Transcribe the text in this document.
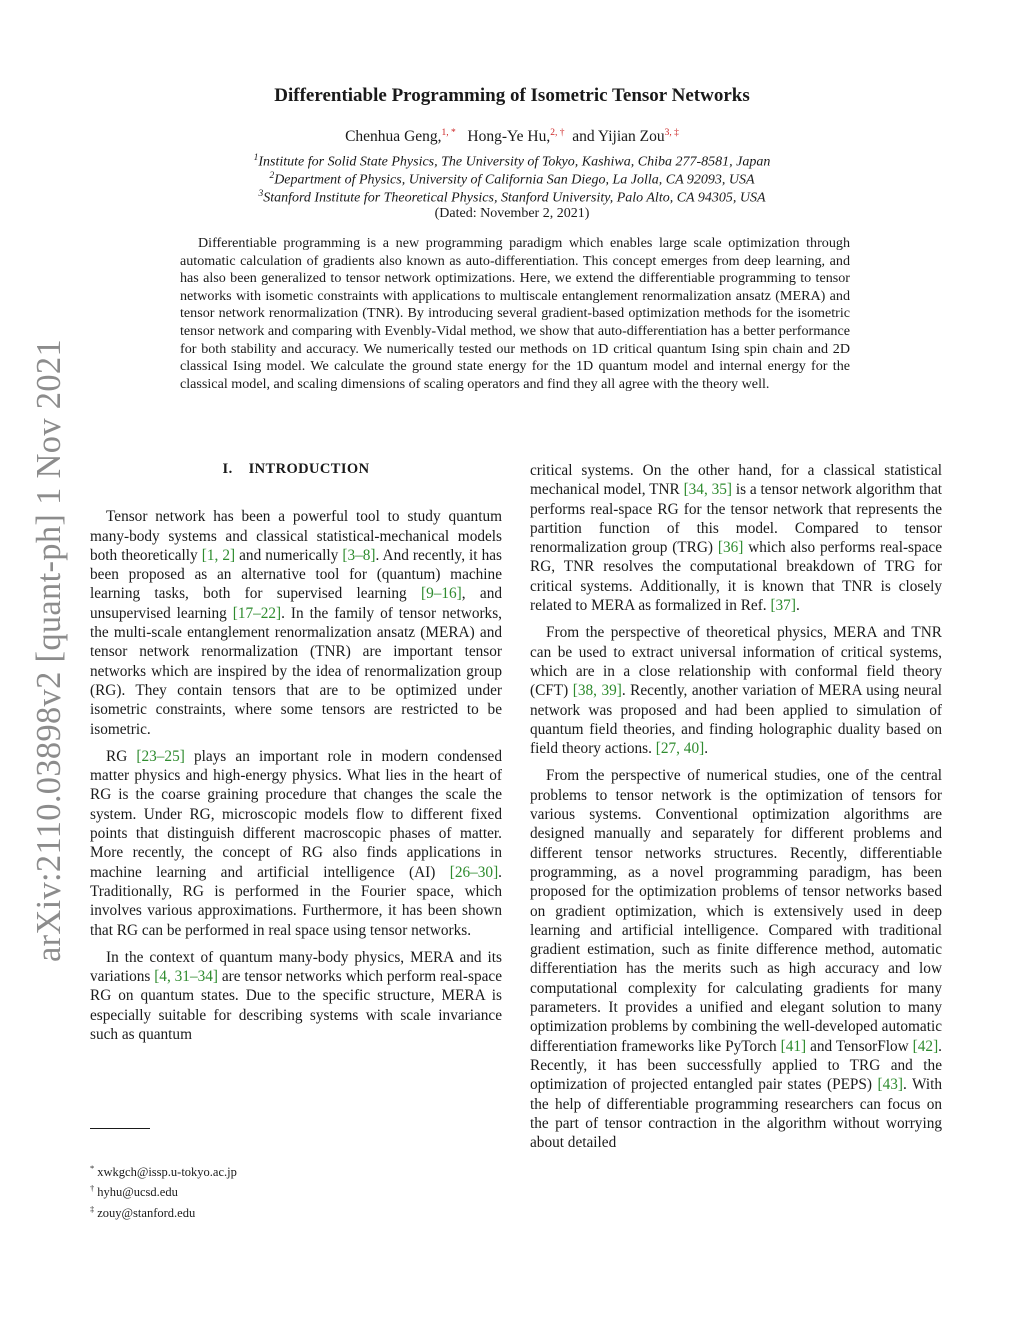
arXiv:2110.03898v2 [quant-ph] 1 Nov 2021
Differentiable Programming of Isometric Tensor Networks
Chenhua Geng,$^{1, *}$ Hong-Ye Hu,$^{2, \dagger}$ and Yijian Zou$^{3, \ddagger}$
$^1$Institute for Solid State Physics, The University of Tokyo, Kashiwa, Chiba 277-8581, Japan
$^2$Department of Physics, University of California San Diego, La Jolla, CA 92093, USA
$^3$Stanford Institute for Theoretical Physics, Stanford University, Palo Alto, CA 94305, USA
(Dated: November 2, 2021)
Differentiable programming is a new programming paradigm which enables large scale optimization through automatic calculation of gradients also known as auto-differentiation. This concept emerges from deep learning, and has also been generalized to tensor network optimizations. Here, we extend the differentiable programming to tensor networks with isometic constraints with applications to multiscale entanglement renormalization ansatz (MERA) and tensor network renormalization (TNR). By introducing several gradient-based optimization methods for the isometric tensor network and comparing with Evenbly-Vidal method, we show that auto-differentiation has a better performance for both stability and accuracy. We numerically tested our methods on 1D critical quantum Ising spin chain and 2D classical Ising model. We calculate the ground state energy for the 1D quantum model and internal energy for the classical model, and scaling dimensions of scaling operators and find they all agree with the theory well.
I. INTRODUCTION

Tensor network has been a powerful tool to study quantum many-body systems and classical statistical-mechanical models both theoretically [1, 2] and numerically [3–8]. And recently, it has been proposed as an alternative tool for (quantum) machine learning tasks, both for supervised learning [9–16], and unsupervised learning [17–22]. In the family of tensor networks, the multi-scale entanglement renormalization ansatz (MERA) and tensor network renormalization (TNR) are important tensor networks which are inspired by the idea of renormalization group (RG). They contain tensors that are to be optimized under isometric constraints, where some tensors are restricted to be isometric.

RG [23–25] plays an important role in modern condensed matter physics and high-energy physics. What lies in the heart of RG is the coarse graining procedure that changes the scale the system. Under RG, microscopic models flow to different fixed points that distinguish different macroscopic phases of matter. More recently, the concept of RG also finds applications in machine learning and artificial intelligence (AI) [26–30]. Traditionally, RG is performed in the Fourier space, which involves various approximations. Furthermore, it has been shown that RG can be performed in real space using tensor networks.

In the context of quantum many-body physics, MERA and its variations [4, 31–34] are tensor networks which perform real-space RG on quantum states. Due to the specific structure, MERA is especially suitable for describing systems with scale invariance such as quantum

critical systems. On the other hand, for a classical statistical mechanical model, TNR [34, 35] is a tensor network algorithm that performs real-space RG for the tensor network that represents the partition function of this model. Compared to tensor renormalization group (TRG) [36] which also performs real-space RG, TNR resolves the computational breakdown of TRG for critical systems. Additionally, it is known that TNR is closely related to MERA as formalized in Ref. [37].

From the perspective of theoretical physics, MERA and TNR can be used to extract universal information of critical systems, which are in a close relationship with conformal field theory (CFT) [38, 39]. Recently, another variation of MERA using neural network was proposed and had been applied to simulation of quantum field theories, and finding holographic duality based on field theory actions. [27, 40].

From the perspective of numerical studies, one of the central problems to tensor network is the optimization of tensors for various systems. Conventional optimization algorithms are designed manually and separately for different problems and different tensor networks structures. Recently, differentiable programming, as a novel programming paradigm, has been proposed for the optimization problems of tensor networks based on gradient optimization, which is extensively used in deep learning and artificial intelligence. Compared with traditional gradient estimation, such as finite difference method, automatic differentiation has the merits such as high accuracy and low computational complexity for calculating gradients for many parameters. It provides a unified and elegant solution to many optimization problems by combining the well-developed automatic differentiation frameworks like PyTorch [41] and TensorFlow [42]. Recently, it has been successfully applied to TRG and the optimization of projected entangled pair states (PEPS) [43]. With the help of differentiable programming researchers can focus on the part of tensor contraction in the algorithm without worrying about detailed

* xwkgch@issp.u-tokyo.ac.jp
† hyhu@ucsd.edu
‡ zouy@stanford.edu
